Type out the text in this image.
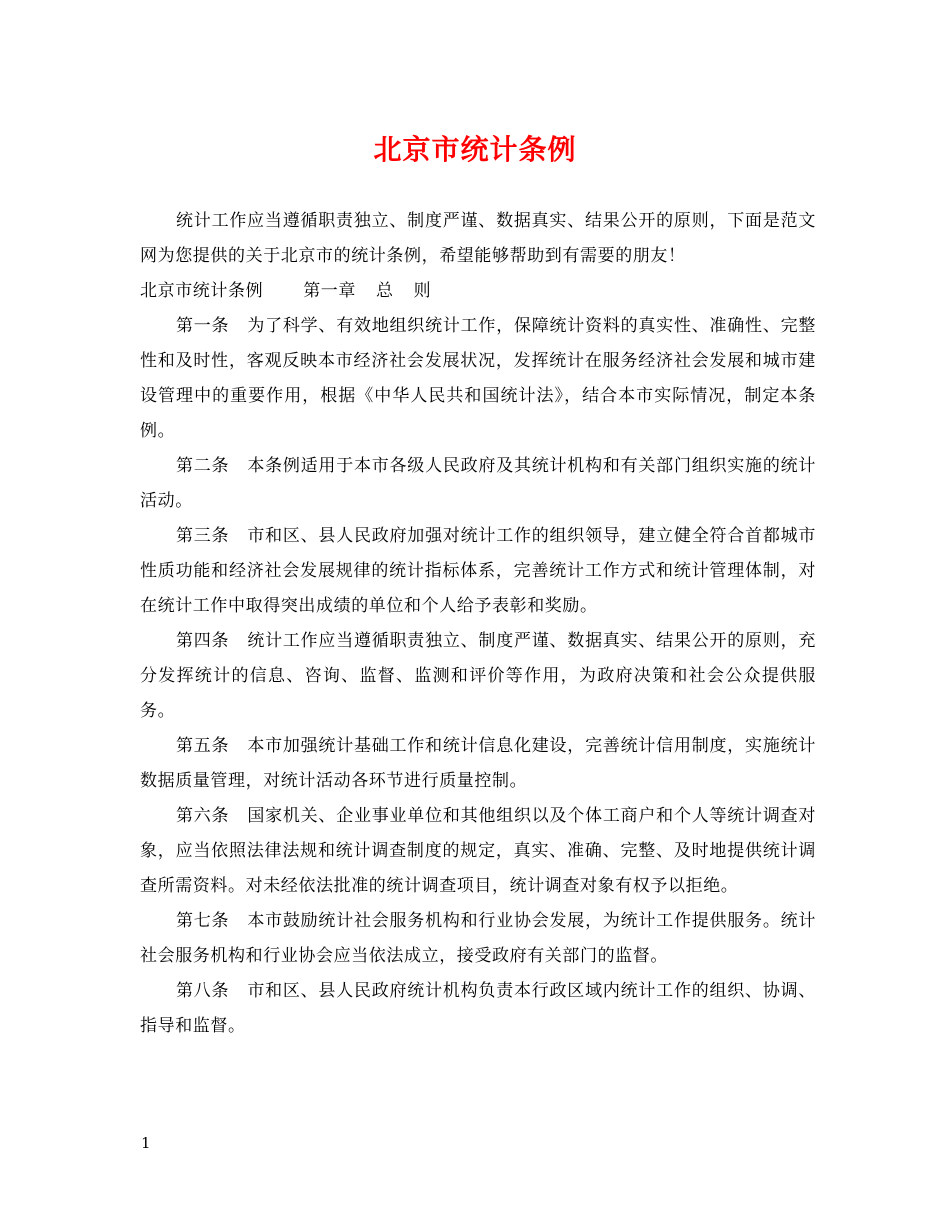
北京市统计条例

统计工作应当遵循职责独立、制度严谨、数据真实、结果公开的原则，下面是范文网为您提供的关于北京市的统计条例，希望能够帮助到有需要的朋友！

北京市统计条例 第一章 总 则

第一条 为了科学、有效地组织统计工作，保障统计资料的真实性、准确性、完整性和及时性，客观反映本市经济社会发展状况，发挥统计在服务经济社会发展和城市建设管理中的重要作用，根据《中华人民共和国统计法》，结合本市实际情况，制定本条例。

第二条 本条例适用于本市各级人民政府及其统计机构和有关部门组织实施的统计活动。

第三条 市和区、县人民政府加强对统计工作的组织领导，建立健全符合首都城市性质功能和经济社会发展规律的统计指标体系，完善统计工作方式和统计管理体制，对在统计工作中取得突出成绩的单位和个人给予表彰和奖励。

第四条 统计工作应当遵循职责独立、制度严谨、数据真实、结果公开的原则，充分发挥统计的信息、咨询、监督、监测和评价等作用，为政府决策和社会公众提供服务。

第五条 本市加强统计基础工作和统计信息化建设，完善统计信用制度，实施统计数据质量管理，对统计活动各环节进行质量控制。

第六条 国家机关、企业事业单位和其他组织以及个体工商户和个人等统计调查对象，应当依照法律法规和统计调查制度的规定，真实、准确、完整、及时地提供统计调查所需资料。对未经依法批准的统计调查项目，统计调查对象有权予以拒绝。

第七条 本市鼓励统计社会服务机构和行业协会发展，为统计工作提供服务。统计社会服务机构和行业协会应当依法成立，接受政府有关部门的监督。

第八条 市和区、县人民政府统计机构负责本行政区域内统计工作的组织、协调、指导和监督。

1
